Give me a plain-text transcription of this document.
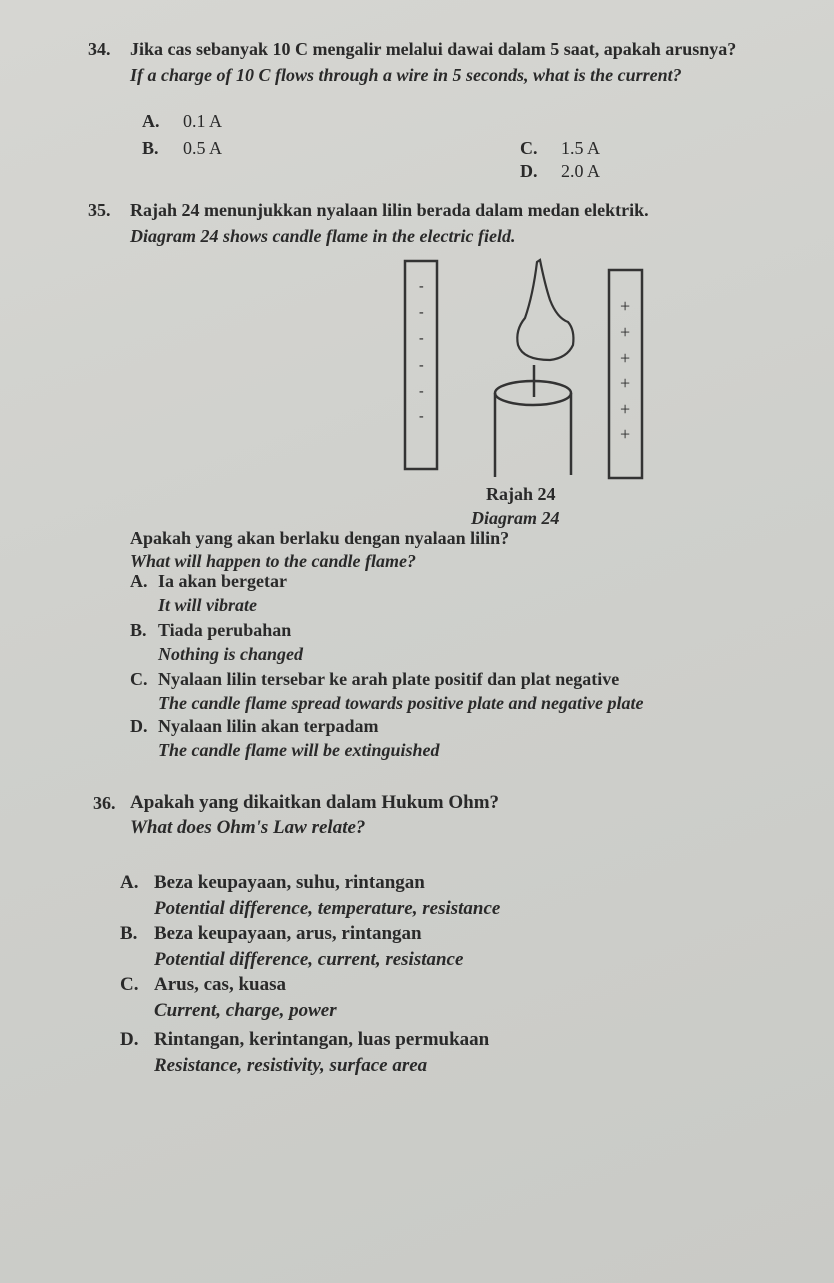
34. Jika cas sebanyak 10 C mengalir melalui dawai dalam 5 saat, apakah arusnya?
If a charge of 10 C flows through a wire in 5 seconds, what is the current?
A. 0.1 A
B. 0.5 A	C. 1.5 A
D. 2.0 A
35. Rajah 24 menunjukkan nyalaan lilin berada dalam medan elektrik.
Diagram 24 shows candle flame in the electric field.
-
-
-
-
-
-
+
+
+
+
+
+
Rajah 24
Diagram 24
Apakah yang akan berlaku dengan nyalaan lilin?
What will happen to the candle flame?
A. Ia akan bergetar
It will vibrate
B. Tiada perubahan
Nothing is changed
C. Nyalaan lilin tersebar ke arah plate positif dan plat negative
The candle flame spread towards positive plate and negative plate
D. Nyalaan lilin akan terpadam
The candle flame will be extinguished
36. Apakah yang dikaitkan dalam Hukum Ohm?
What does Ohm's Law relate?
A. Beza keupayaan, suhu, rintangan
Potential difference, temperature, resistance
B. Beza keupayaan, arus, rintangan
Potential difference, current, resistance
C. Arus, cas, kuasa
Current, charge, power
D. Rintangan, kerintangan, luas permukaan
Resistance, resistivity, surface area
